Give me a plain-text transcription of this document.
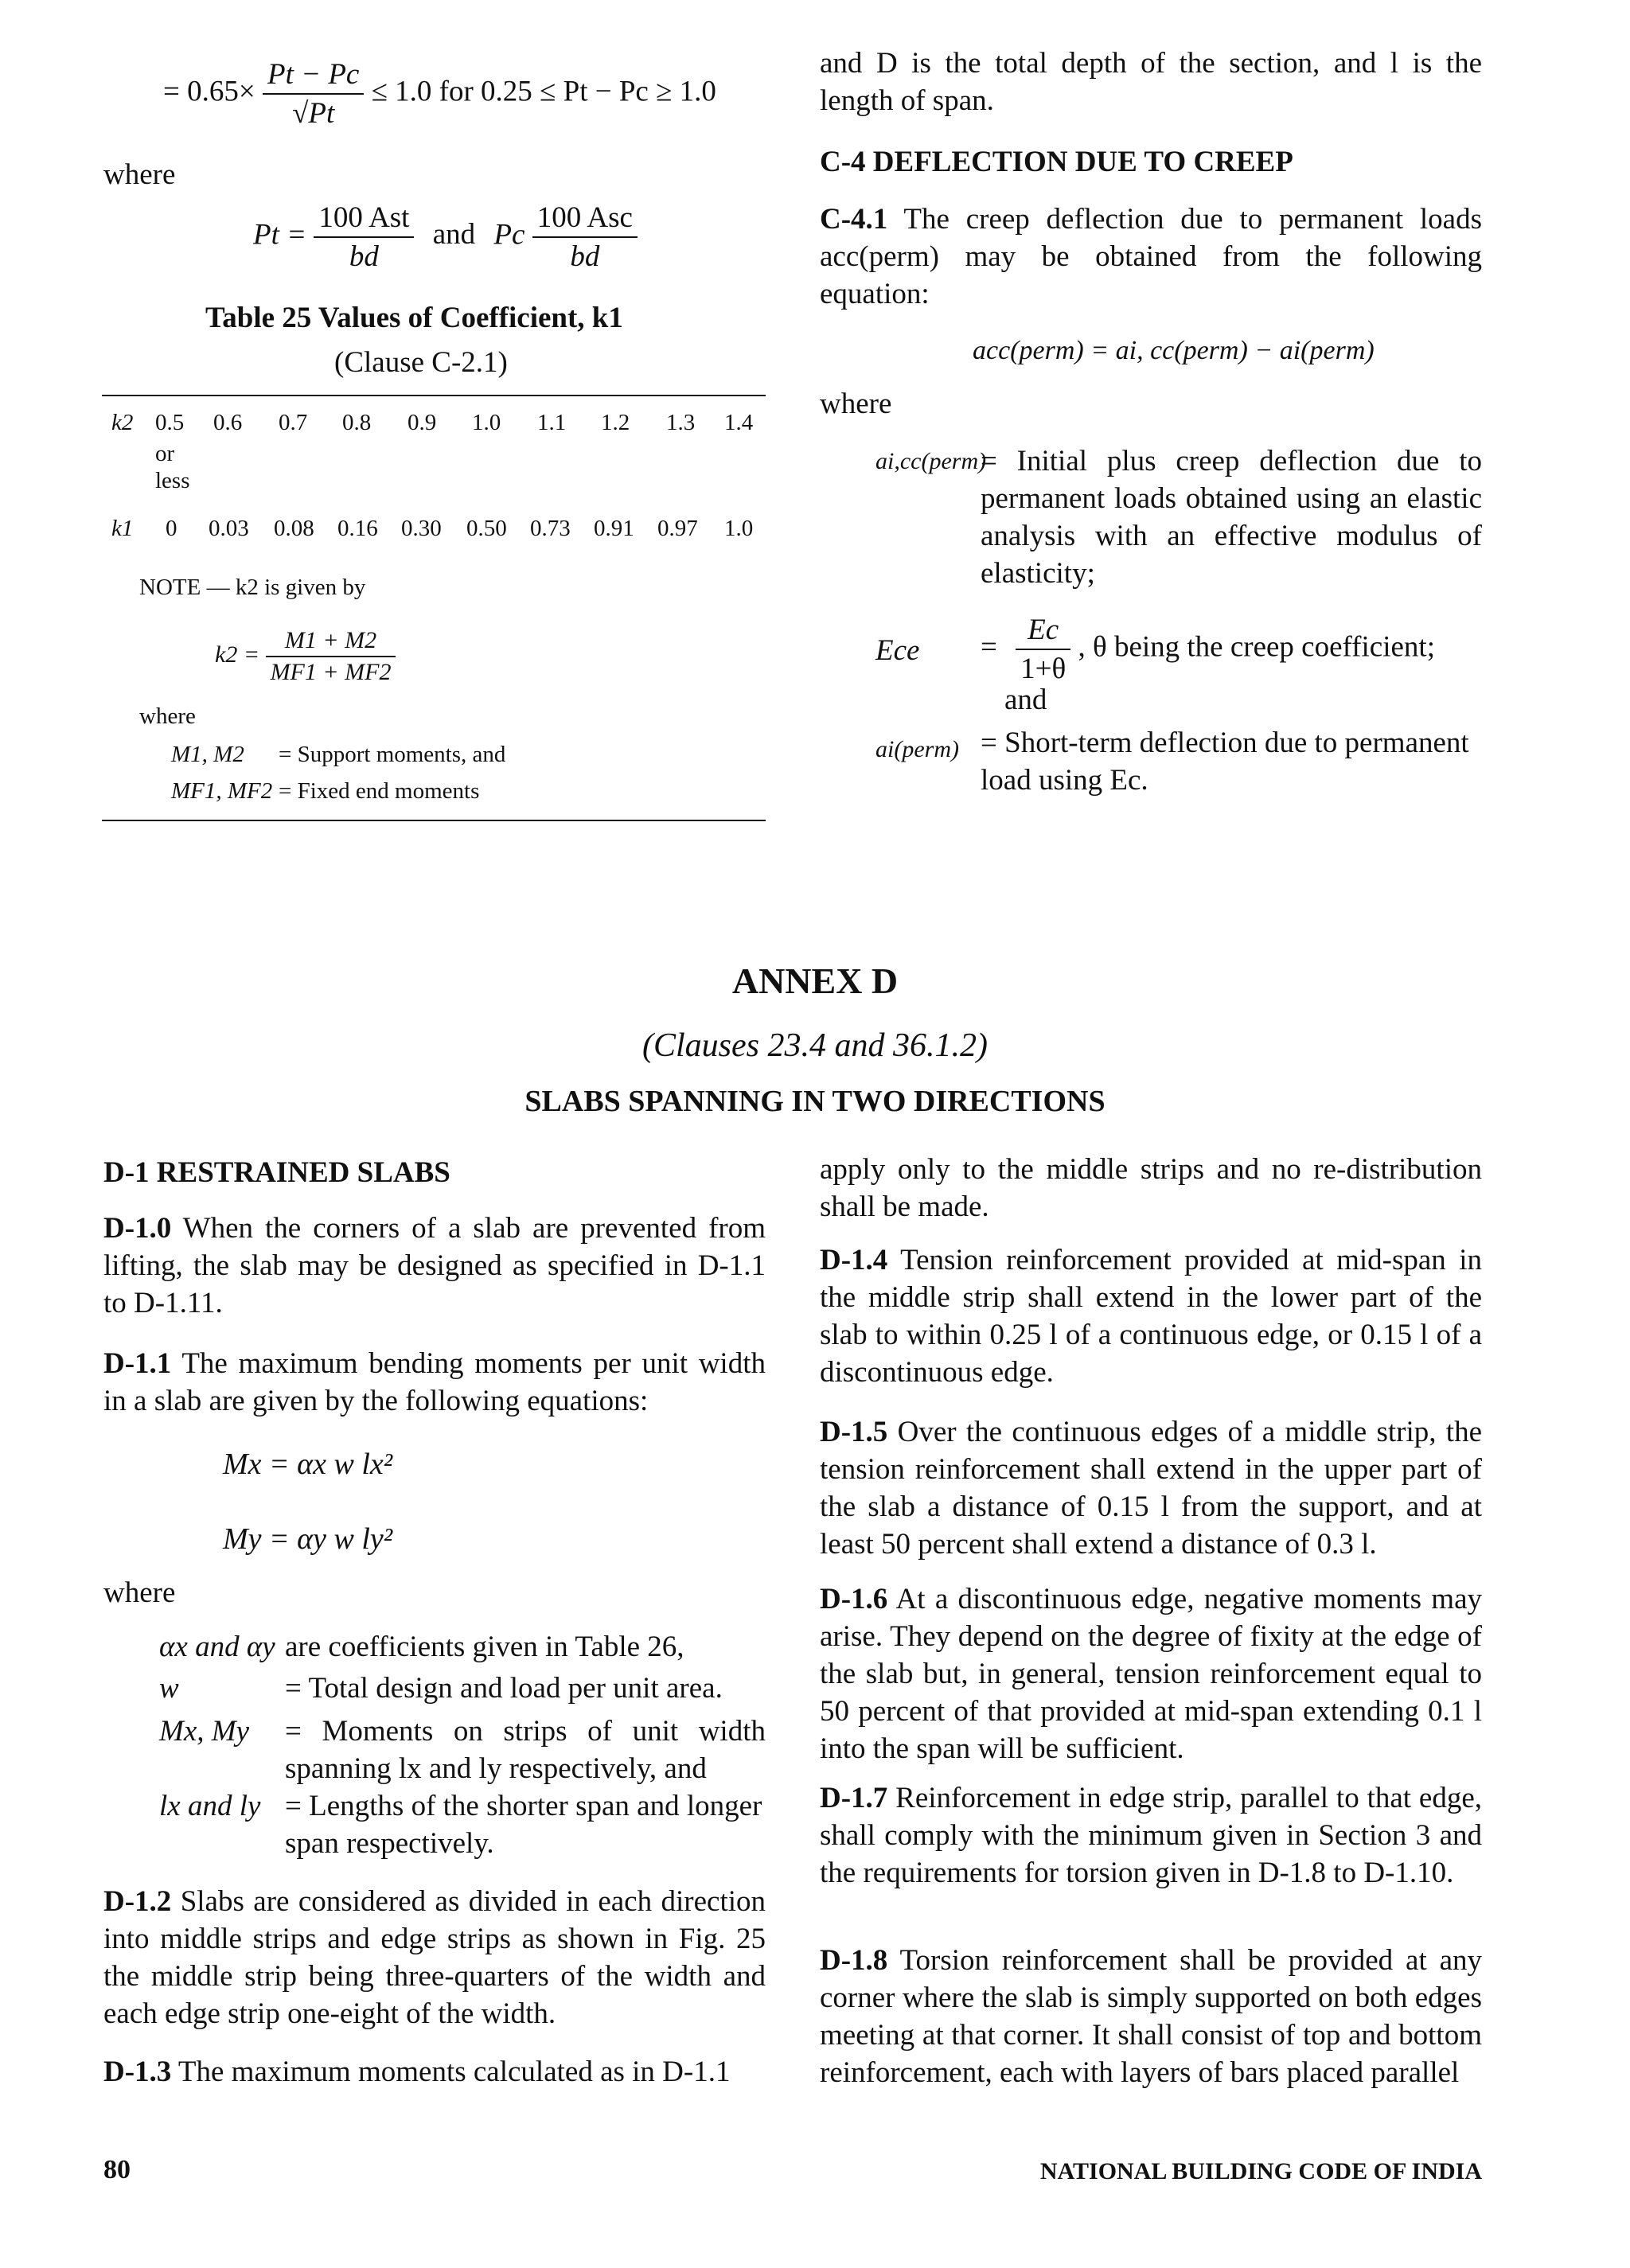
= $0.65\times \frac{Pt - Pc}{√Pt} \le 1.0$ for 0.25 ≤ Pt − Pc ≥ 1.0
where
$Pt = \frac{\text{100 Ast}}{bd}$ and Pc $\frac{\text{100 Asc}}{bd}$
Table 25 Values of Coefficient, k1
(Clause C-2.1)
k2 0.5
or less
0.6 0.7 0.8 0.9 1.0 1.1 1.2 1.3 1.4
k1 0 0.03 0.08 0.16 0.30 0.50 0.73 0.91 0.97 1.0
NOTE — k2 is given by
$k2 = \frac{M1 + M2}{MF1 + MF2}$
where
M1, M2 = Support moments, and
MF1, MF2 = Fixed end moments
and D is the total depth of the section, and l is the length of span.
C-4 DEFLECTION DUE TO CREEP
C-4.1 The creep deflection due to permanent loads acc(perm) may be obtained from the following equation:
acc(perm) = ai, cc(perm) − ai(perm)
where
ai,cc(perm)
= Initial plus creep deflection due to permanent loads obtained using an elastic analysis with an effective modulus of elasticity;
Ece = $\frac{Ec}{1+\theta}$ , θ being the creep coefficient;
and
ai(perm) = Short-term deflection due to permanent load using Ec.
ANNEX D
(Clauses 23.4 and 36.1.2)
SLABS SPANNING IN TWO DIRECTIONS
D-1 RESTRAINED SLABS
D-1.0 When the corners of a slab are prevented from lifting, the slab may be designed as specified in D-1.1 to D-1.11.
D-1.1 The maximum bending moments per unit width in a slab are given by the following equations:
Mx = αx w lx²
My = αy w ly²
where
αx and αy are coefficients given in Table 26,
w	= Total design and load per unit area.
Mx, My = Moments on strips of unit width spanning lx and ly respectively, and
lx and ly = Lengths of the shorter span and longer span respectively.
D-1.2 Slabs are considered as divided in each direction into middle strips and edge strips as shown in Fig. 25 the middle strip being three-quarters of the width and each edge strip one-eight of the width.
D-1.3 The maximum moments calculated as in D-1.1
apply only to the middle strips and no re-distribution shall be made.
D-1.4 Tension reinforcement provided at mid-span in the middle strip shall extend in the lower part of the slab to within 0.25 l of a continuous edge, or 0.15 l of a discontinuous edge.
D-1.5 Over the continuous edges of a middle strip, the tension reinforcement shall extend in the upper part of the slab a distance of 0.15 l from the support, and at least 50 percent shall extend a distance of 0.3 l.
D-1.6 At a discontinuous edge, negative moments may arise. They depend on the degree of fixity at the edge of the slab but, in general, tension reinforcement equal to 50 percent of that provided at mid-span extending 0.1 l into the span will be sufficient.
D-1.7 Reinforcement in edge strip, parallel to that edge, shall comply with the minimum given in Section 3 and the requirements for torsion given in D-1.8 to D-1.10.
D-1.8 Torsion reinforcement shall be provided at any corner where the slab is simply supported on both edges meeting at that corner. It shall consist of top and bottom reinforcement, each with layers of bars placed parallel
80	NATIONAL BUILDING CODE OF INDIA
